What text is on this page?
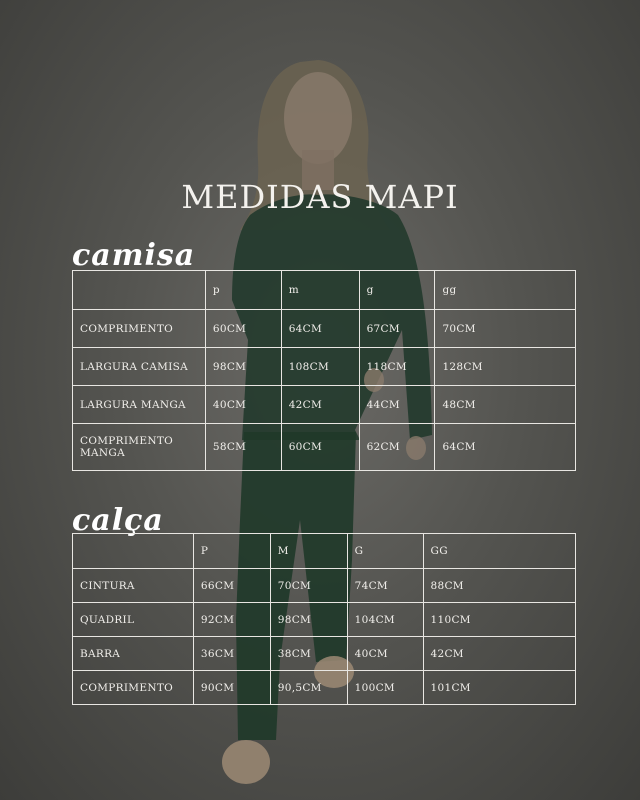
MEDIDAS MAPI
camisa
	p	m	g	gg
COMPRIMENTO	60CM	64CM	67CM	70CM
LARGURA CAMISA	98CM	108CM	118CM	128CM
LARGURA MANGA	40CM	42CM	44CM	48CM
COMPRIMENTO MANGA	58CM	60CM	62CM	64CM
calça
	P	M	G	GG
CINTURA	66CM	70CM	74CM	88CM
QUADRIL	92CM	98CM	104CM	110CM
BARRA	36CM	38CM	40CM	42CM
COMPRIMENTO	90CM	90,5CM	100CM	101CM
